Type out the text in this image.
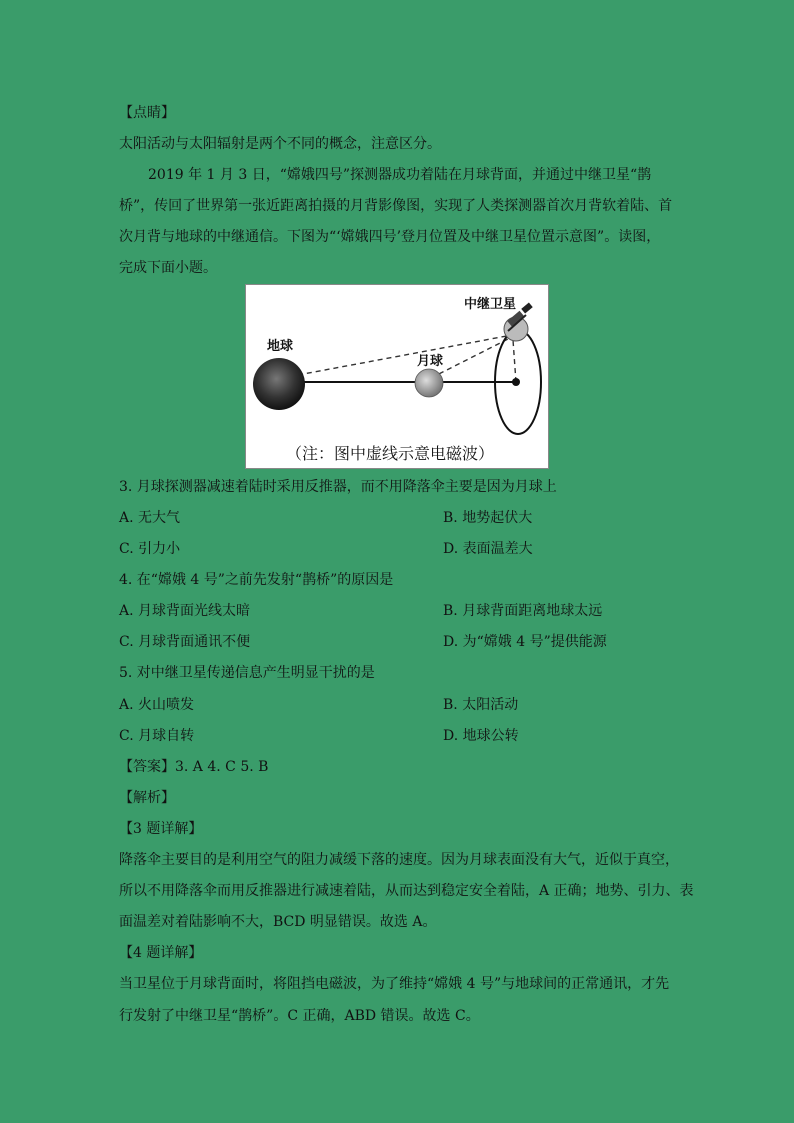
【点睛】
太阳活动与太阳辐射是两个不同的概念，注意区分。
2019 年 1 月 3 日，“嫦娥四号”探测器成功着陆在月球背面，并通过中继卫星“鹊
桥”，传回了世界第一张近距离拍摄的月背影像图，实现了人类探测器首次月背软着陆、首
次月背与地球的中继通信。下图为“‘嫦娥四号’登月位置及中继卫星位置示意图”。读图，
完成下面小题。
地球
月球
中继卫星
（注：图中虚线示意电磁波）
3. 月球探测器减速着陆时采用反推器，而不用降落伞主要是因为月球上
A. 无大气	B. 地势起伏大
C. 引力小	D. 表面温差大
4. 在“嫦娥 4 号”之前先发射“鹊桥”的原因是
A. 月球背面光线太暗	B. 月球背面距离地球太远
C. 月球背面通讯不便	D. 为“嫦娥 4 号”提供能源
5. 对中继卫星传递信息产生明显干扰的是
A. 火山喷发	B. 太阳活动
C. 月球自转	D. 地球公转
【答案】3. A 4. C 5. B
【解析】
【3 题详解】
降落伞主要目的是利用空气的阻力减缓下落的速度。因为月球表面没有大气，近似于真空，
所以不用降落伞而用反推器进行减速着陆，从而达到稳定安全着陆，A 正确；地势、引力、表
面温差对着陆影响不大，BCD 明显错误。故选 A。
【4 题详解】
当卫星位于月球背面时，将阻挡电磁波，为了维持“嫦娥 4 号”与地球间的正常通讯，才先
行发射了中继卫星“鹊桥”。C 正确，ABD 错误。故选 C。
